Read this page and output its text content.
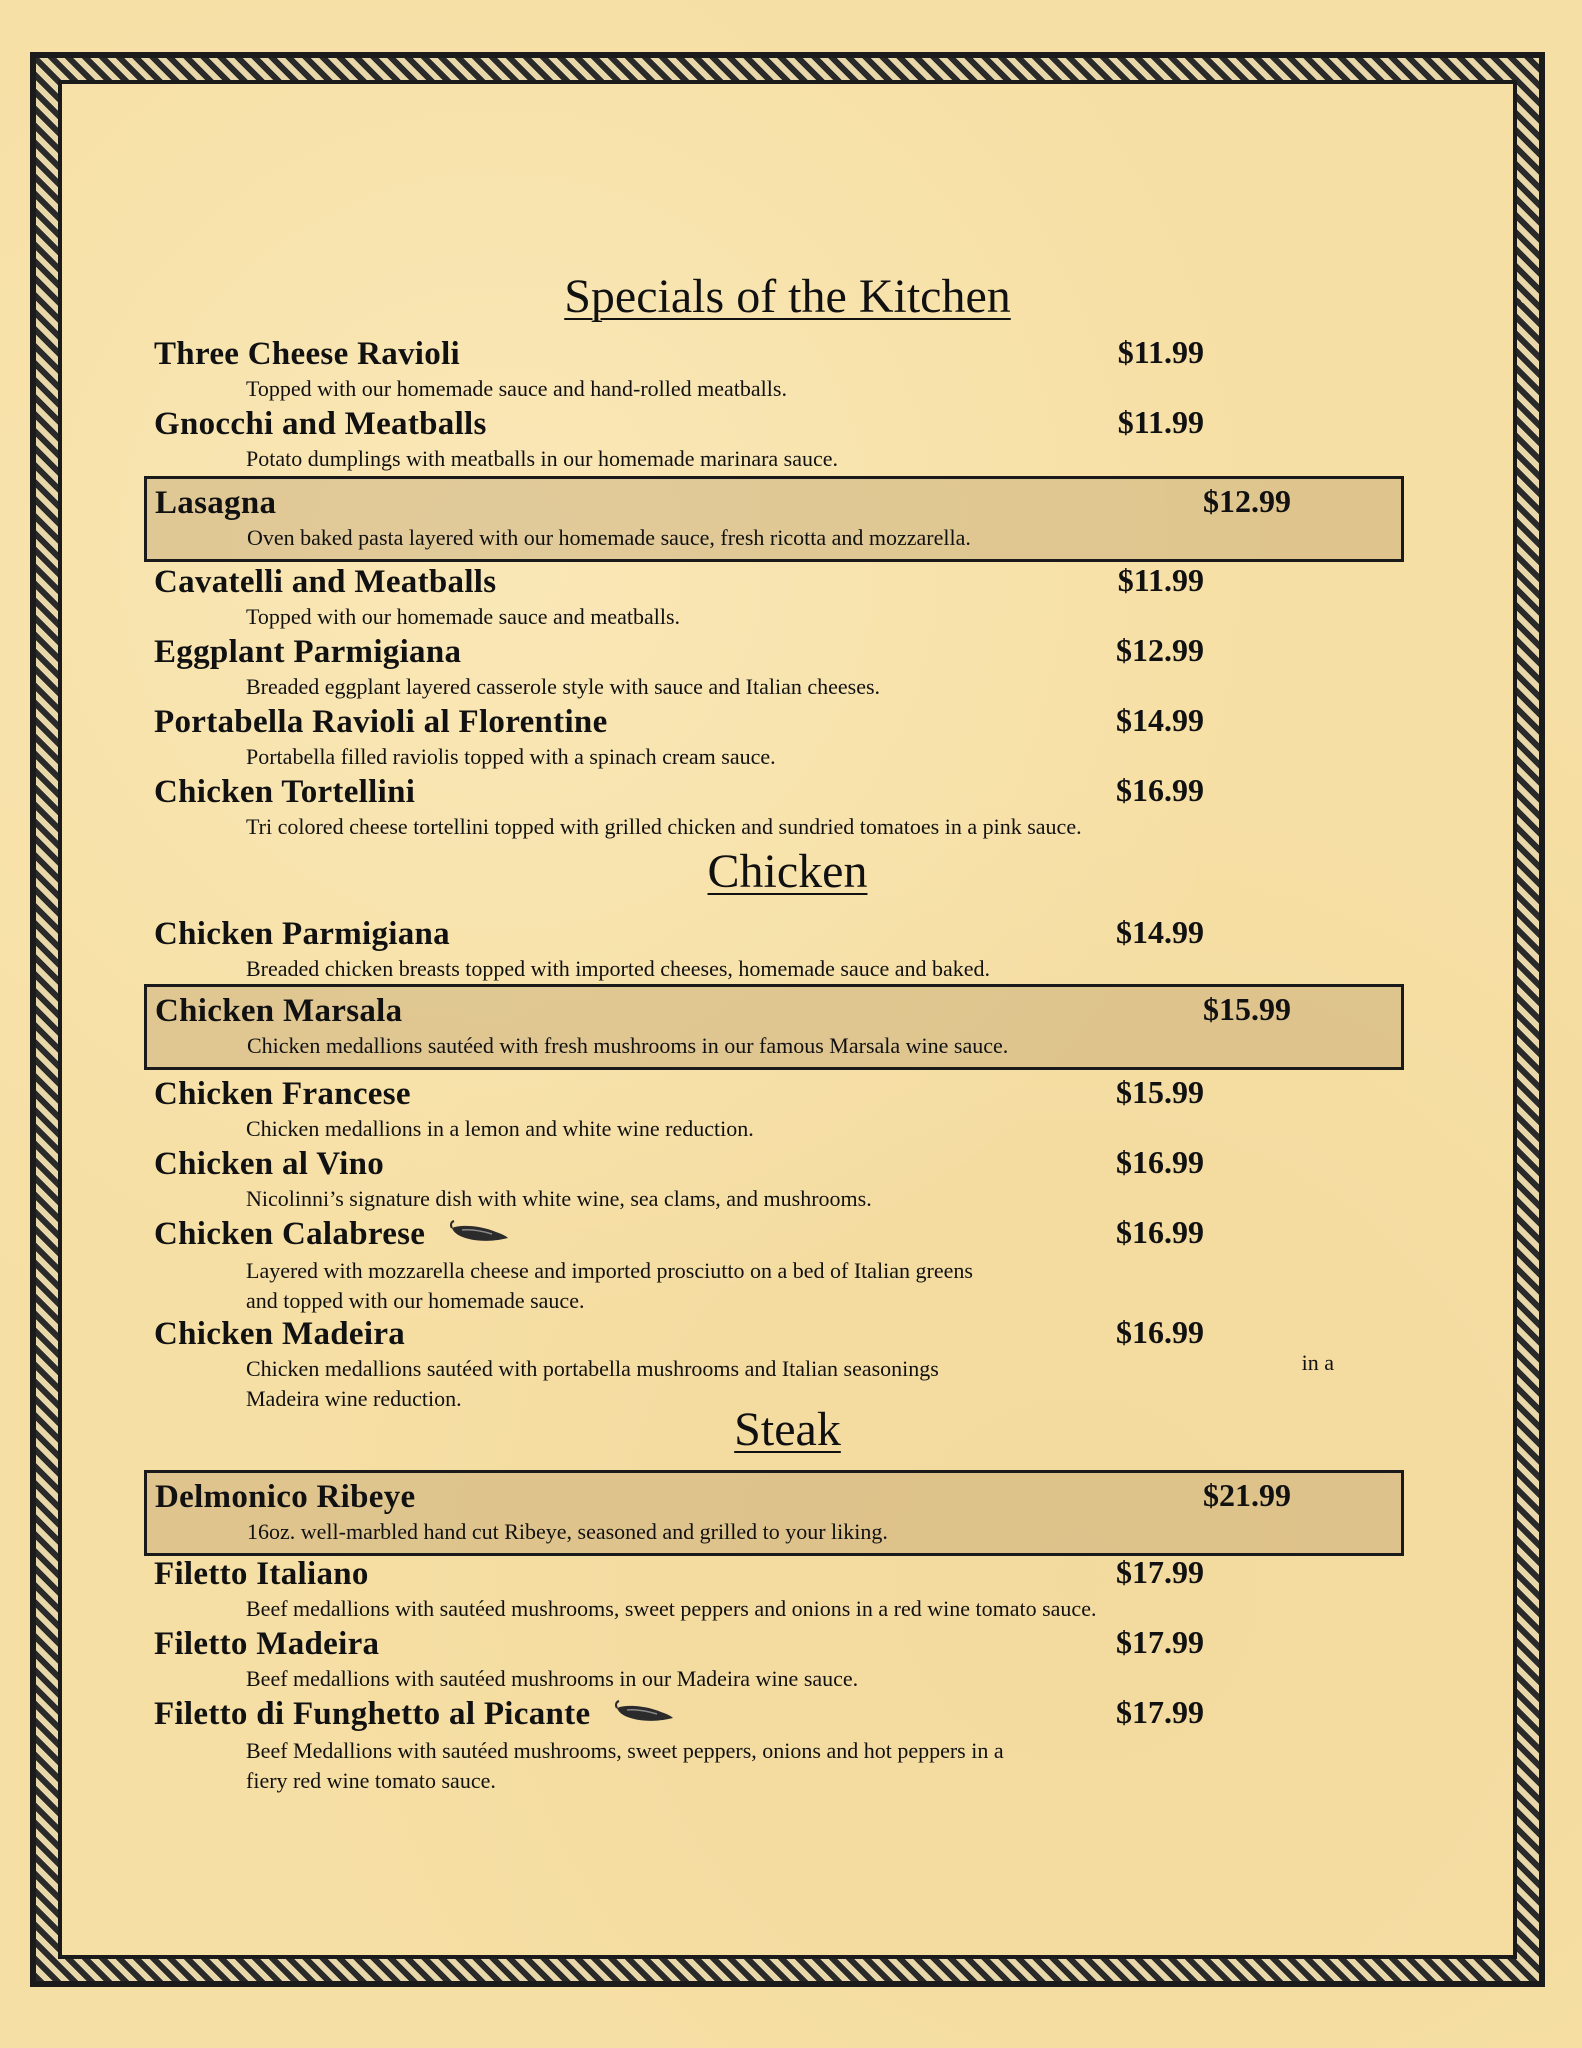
Specials of the Kitchen
Three Cheese Ravioli	$11.99
Topped with our homemade sauce and hand-rolled meatballs.
Gnocchi and Meatballs	$11.99
Potato dumplings with meatballs in our homemade marinara sauce.
Lasagna	$12.99
Oven baked pasta layered with our homemade sauce, fresh ricotta and mozzarella.
Cavatelli and Meatballs	$11.99
Topped with our homemade sauce and meatballs.
Eggplant Parmigiana	$12.99
Breaded eggplant layered casserole style with sauce and Italian cheeses.
Portabella Ravioli al Florentine	$14.99
Portabella filled raviolis topped with a spinach cream sauce.
Chicken Tortellini	$16.99
Tri colored cheese tortellini topped with grilled chicken and sundried tomatoes in a pink sauce.
Chicken
Chicken Parmigiana	$14.99
Breaded chicken breasts topped with imported cheeses, homemade sauce and baked.
Chicken Marsala	$15.99
Chicken medallions sautéed with fresh mushrooms in our famous Marsala wine sauce.
Chicken Francese	$15.99
Chicken medallions in a lemon and white wine reduction.
Chicken al Vino	$16.99
Nicolinni’s signature dish with white wine, sea clams, and mushrooms.
Chicken Calabrese	$16.99
Layered with mozzarella cheese and imported prosciutto on a bed of Italian greens
and topped with our homemade sauce.
Chicken Madeira	$16.99
Chicken medallions sautéed with portabella mushrooms and Italian seasonings
Madeira wine reduction.
in a
Steak
Delmonico Ribeye	$21.99
16oz. well-marbled hand cut Ribeye, seasoned and grilled to your liking.
Filetto Italiano	$17.99
Beef medallions with sautéed mushrooms, sweet peppers and onions in a red wine tomato sauce.
Filetto Madeira	$17.99
Beef medallions with sautéed mushrooms in our Madeira wine sauce.
Filetto di Funghetto al Picante	$17.99
Beef Medallions with sautéed mushrooms, sweet peppers, onions and hot peppers in a
fiery red wine tomato sauce.
